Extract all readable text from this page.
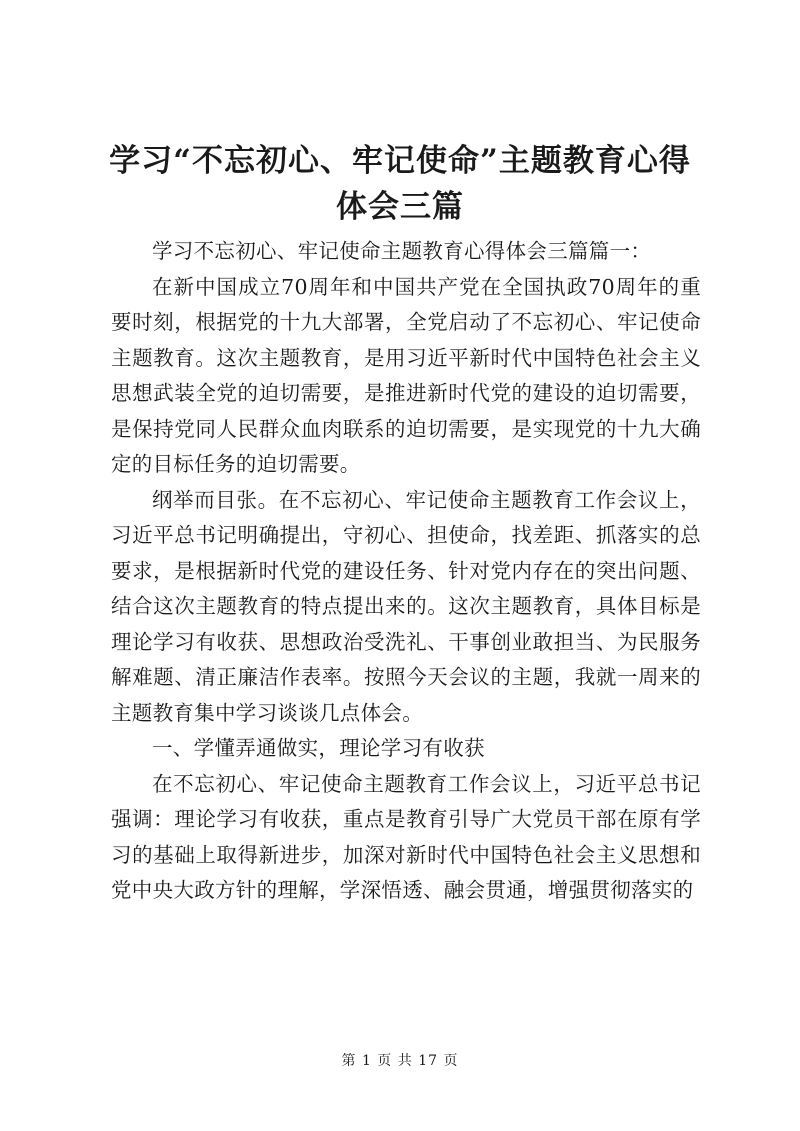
学习“不忘初心、牢记使命”主题教育心得体会三篇

学习不忘初心、牢记使命主题教育心得体会三篇篇一：

在新中国成立70周年和中国共产党在全国执政70周年的重要时刻，根据党的十九大部署，全党启动了不忘初心、牢记使命主题教育。这次主题教育，是用习近平新时代中国特色社会主义思想武装全党的迫切需要，是推进新时代党的建设的迫切需要，是保持党同人民群众血肉联系的迫切需要，是实现党的十九大确定的目标任务的迫切需要。

纲举而目张。在不忘初心、牢记使命主题教育工作会议上，习近平总书记明确提出，守初心、担使命，找差距、抓落实的总要求，是根据新时代党的建设任务、针对党内存在的突出问题、结合这次主题教育的特点提出来的。这次主题教育，具体目标是理论学习有收获、思想政治受洗礼、干事创业敢担当、为民服务解难题、清正廉洁作表率。按照今天会议的主题，我就一周来的主题教育集中学习谈谈几点体会。

一、学懂弄通做实，理论学习有收获

在不忘初心、牢记使命主题教育工作会议上，习近平总书记强调：理论学习有收获，重点是教育引导广大党员干部在原有学习的基础上取得新进步，加深对新时代中国特色社会主义思想和党中央大政方针的理解，学深悟透、融会贯通，增强贯彻落实的

第 1 页 共 17 页
